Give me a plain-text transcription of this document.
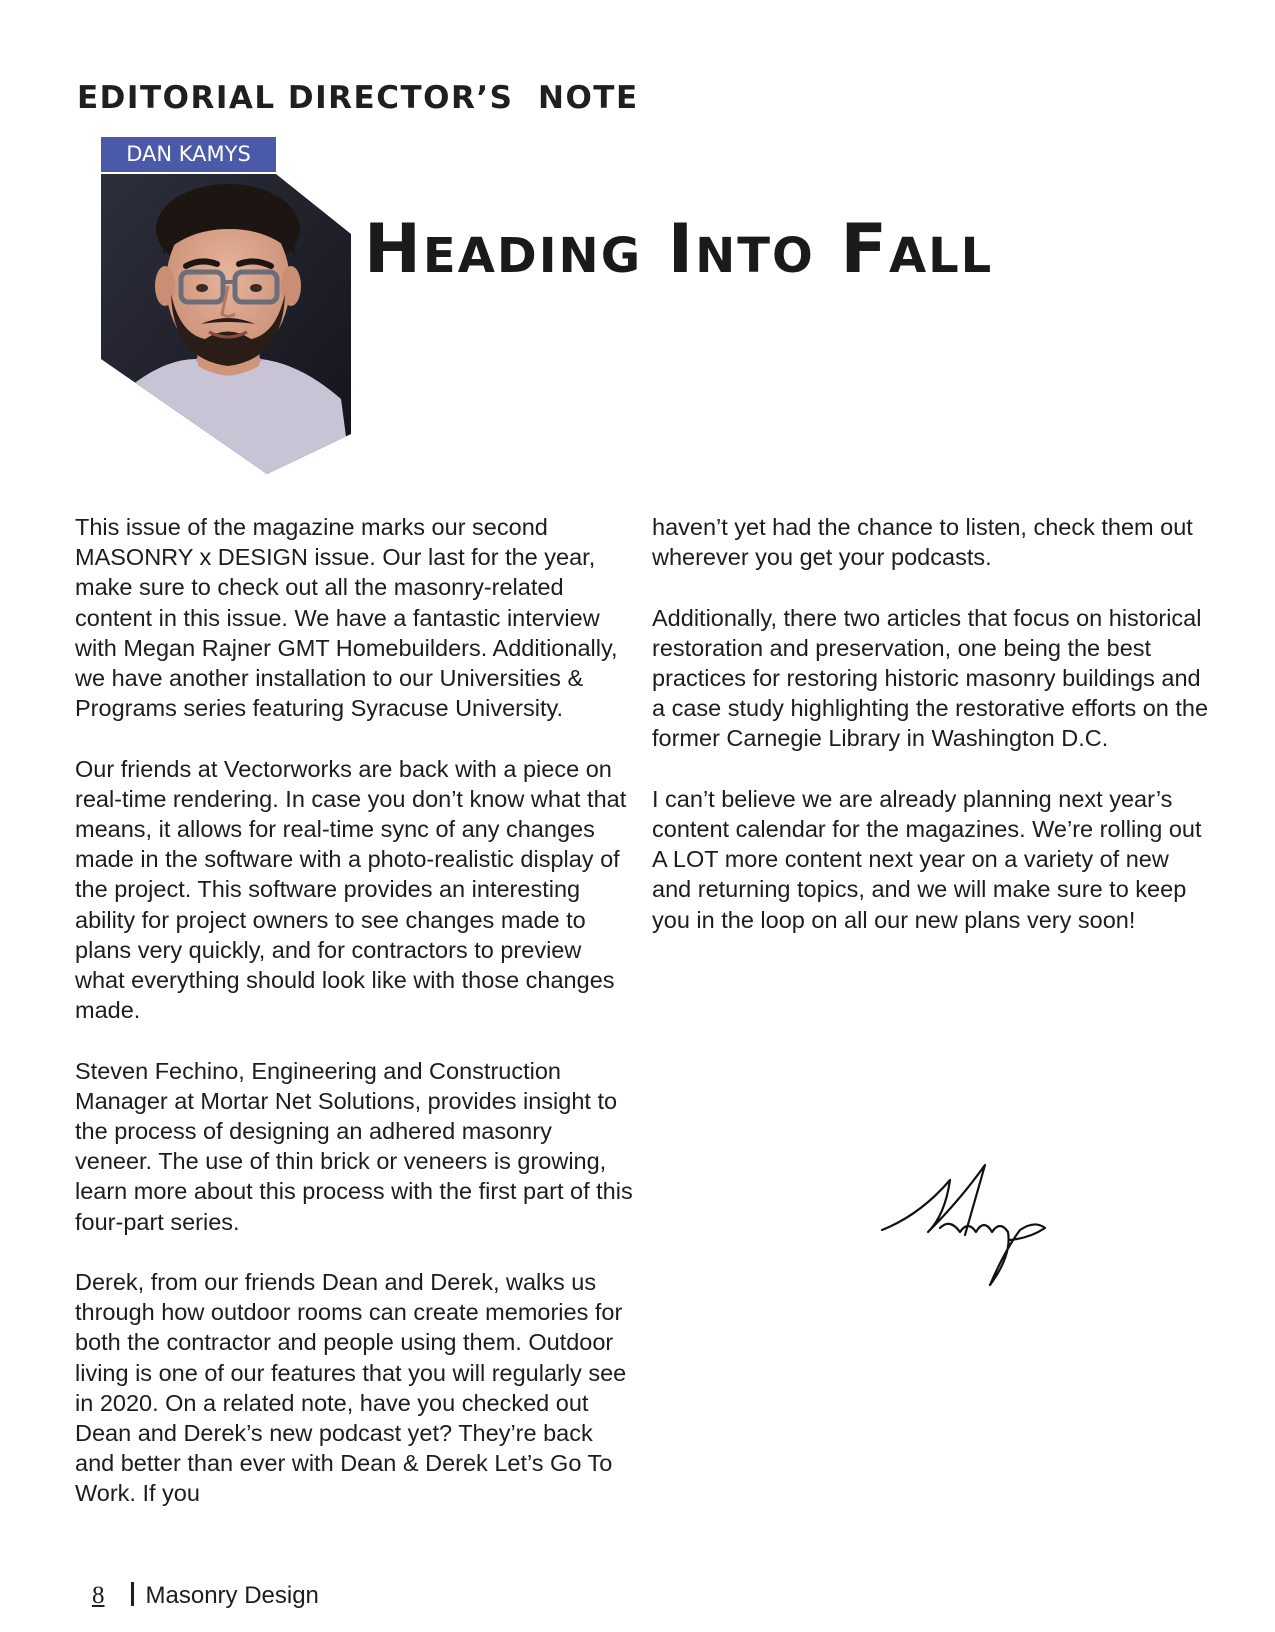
EDITORIAL DIRECTOR’S  NOTE
DAN KAMYS
Heading Into Fall

This issue of the magazine marks our second MASONRY x DESIGN issue. Our last for the year, make sure to check out all the masonry-related content in this issue. We have a fantastic interview with Megan Rajner GMT Homebuilders. Additionally, we have another installation to our Universities & Programs series featuring Syracuse University.

Our friends at Vectorworks are back with a piece on real-time rendering. In case you don’t know what that means, it allows for real-time sync of any changes made in the software with a photo-realistic display of the project. This software provides an interesting ability for project owners to see changes made to plans very quickly, and for contractors to preview what everything should look like with those changes made.

Steven Fechino, Engineering and Construction Manager at Mortar Net Solutions, provides insight to the process of designing an adhered masonry veneer. The use of thin brick or veneers is growing, learn more about this process with the first part of this four-part series.

Derek, from our friends Dean and Derek, walks us through how outdoor rooms can create memories for both the contractor and people using them. Outdoor living is one of our features that you will regularly see in 2020. On a related note, have you checked out Dean and Derek’s new podcast yet? They’re back and better than ever with Dean & Derek Let’s Go To Work. If you

haven’t yet had the chance to listen, check them out wherever you get your podcasts.

Additionally, there two articles that focus on historical restoration and preservation, one being the best practices for restoring historic masonry buildings and a case study highlighting the restorative efforts on the former Carnegie Library in Washington D.C.

I can’t believe we are already planning next year’s content calendar for the magazines. We’re rolling out A LOT more content next year on a variety of new and returning topics, and we will make sure to keep you in the loop on all our new plans very soon!

8 Masonry Design
